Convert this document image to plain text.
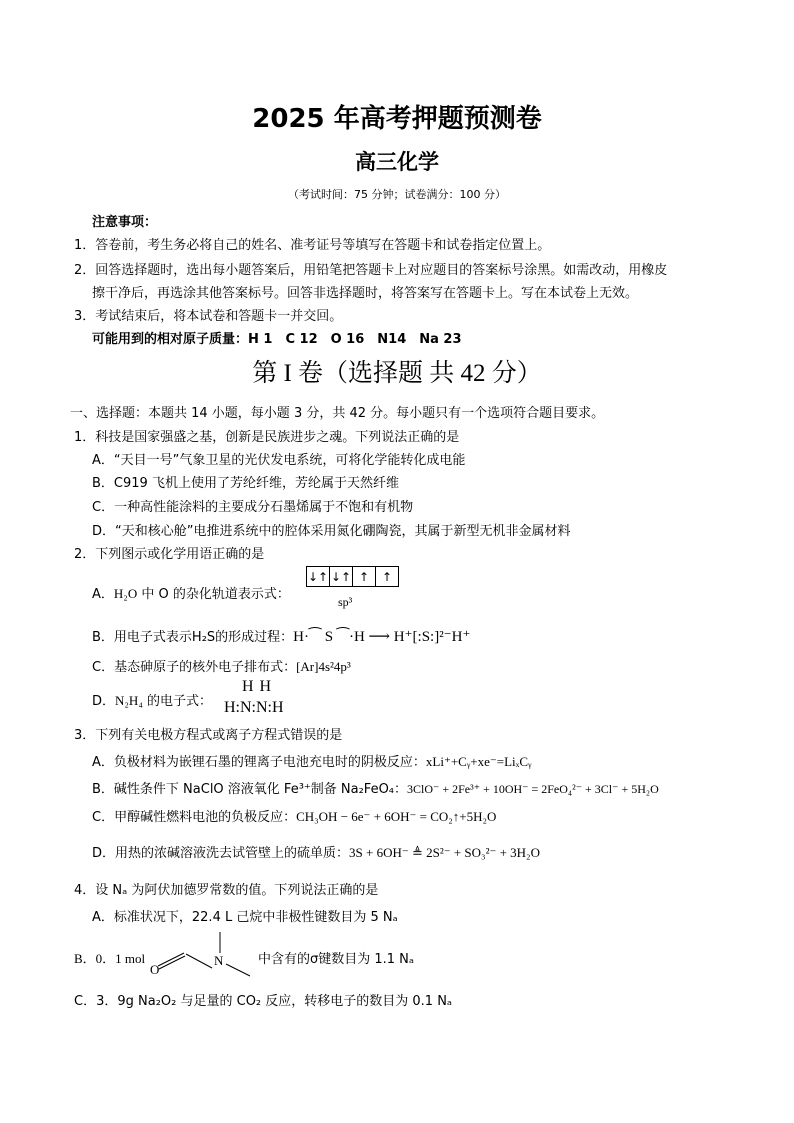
2025 年高考押题预测卷
高三化学
（考试时间：75 分钟；试卷满分：100 分）
注意事项：
1．答卷前，考生务必将自己的姓名、准考证号等填写在答题卡和试卷指定位置上。
2．回答选择题时，选出每小题答案后，用铅笔把答题卡上对应题目的答案标号涂黑。如需改动，用橡皮
擦干净后，再选涂其他答案标号。回答非选择题时，将答案写在答题卡上。写在本试卷上无效。
3．考试结束后，将本试卷和答题卡一并交回。
可能用到的相对原子质量：H 1　C 12　O 16　N14　Na 23
第 I 卷（选择题 共 42 分）
一、选择题：本题共 14 小题，每小题 3 分，共 42 分。每小题只有一个选项符合题目要求。
1．科技是国家强盛之基，创新是民族进步之魂。下列说法正确的是
A．“天目一号”气象卫星的光伏发电系统，可将化学能转化成电能
B．C919 飞机上使用了芳纶纤维，芳纶属于天然纤维
C．一种高性能涂料的主要成分石墨烯属于不饱和有机物
D．“天和核心舱”电推进系统中的腔体采用氮化硼陶瓷，其属于新型无机非金属材料
2．下列图示或化学用语正确的是
A．H₂O 中 O 的杂化轨道表示式：
↓↑ ↓↑ ↑	↑
sp³
B．用电子式表示H₂S的形成过程：H·⁀ S ⁀·H ⟶ H⁺[:S:]²⁻H⁺
C．基态砷原子的核外电子排布式：[Ar]4s²4p³
D．N₂H₄ 的电子式：
H H
H:N:N:H
3．下列有关电极方程式或离子方程式错误的是
A．负极材料为嵌锂石墨的锂离子电池充电时的阴极反应：xLi⁺+Cᵧ+xe⁻=LiₓCᵧ
B．碱性条件下 NaClO 溶液氧化 Fe³⁺制备 Na₂FeO₄：3ClO⁻ + 2Fe³⁺ + 10OH⁻ = 2FeO₄²⁻ + 3Cl⁻ + 5H₂O
C．甲醇碱性燃料电池的负极反应：CH₃OH − 6e⁻ + 6OH⁻ = CO₂↑+5H₂O
D．用热的浓碱溶液洗去试管壁上的硫单质：3S + 6OH⁻ ≜ 2S²⁻ + SO₃²⁻ + 3H₂O
4．设 Nₐ 为阿伏加德罗常数的值。下列说法正确的是
A．标准状况下，22.4 L 己烷中非极性键数目为 5 Nₐ
B．0．1 mol
O
N	中含有的σ键数目为 1.1 Nₐ
C．3．9g Na₂O₂ 与足量的 CO₂ 反应，转移电子的数目为 0.1 Nₐ
